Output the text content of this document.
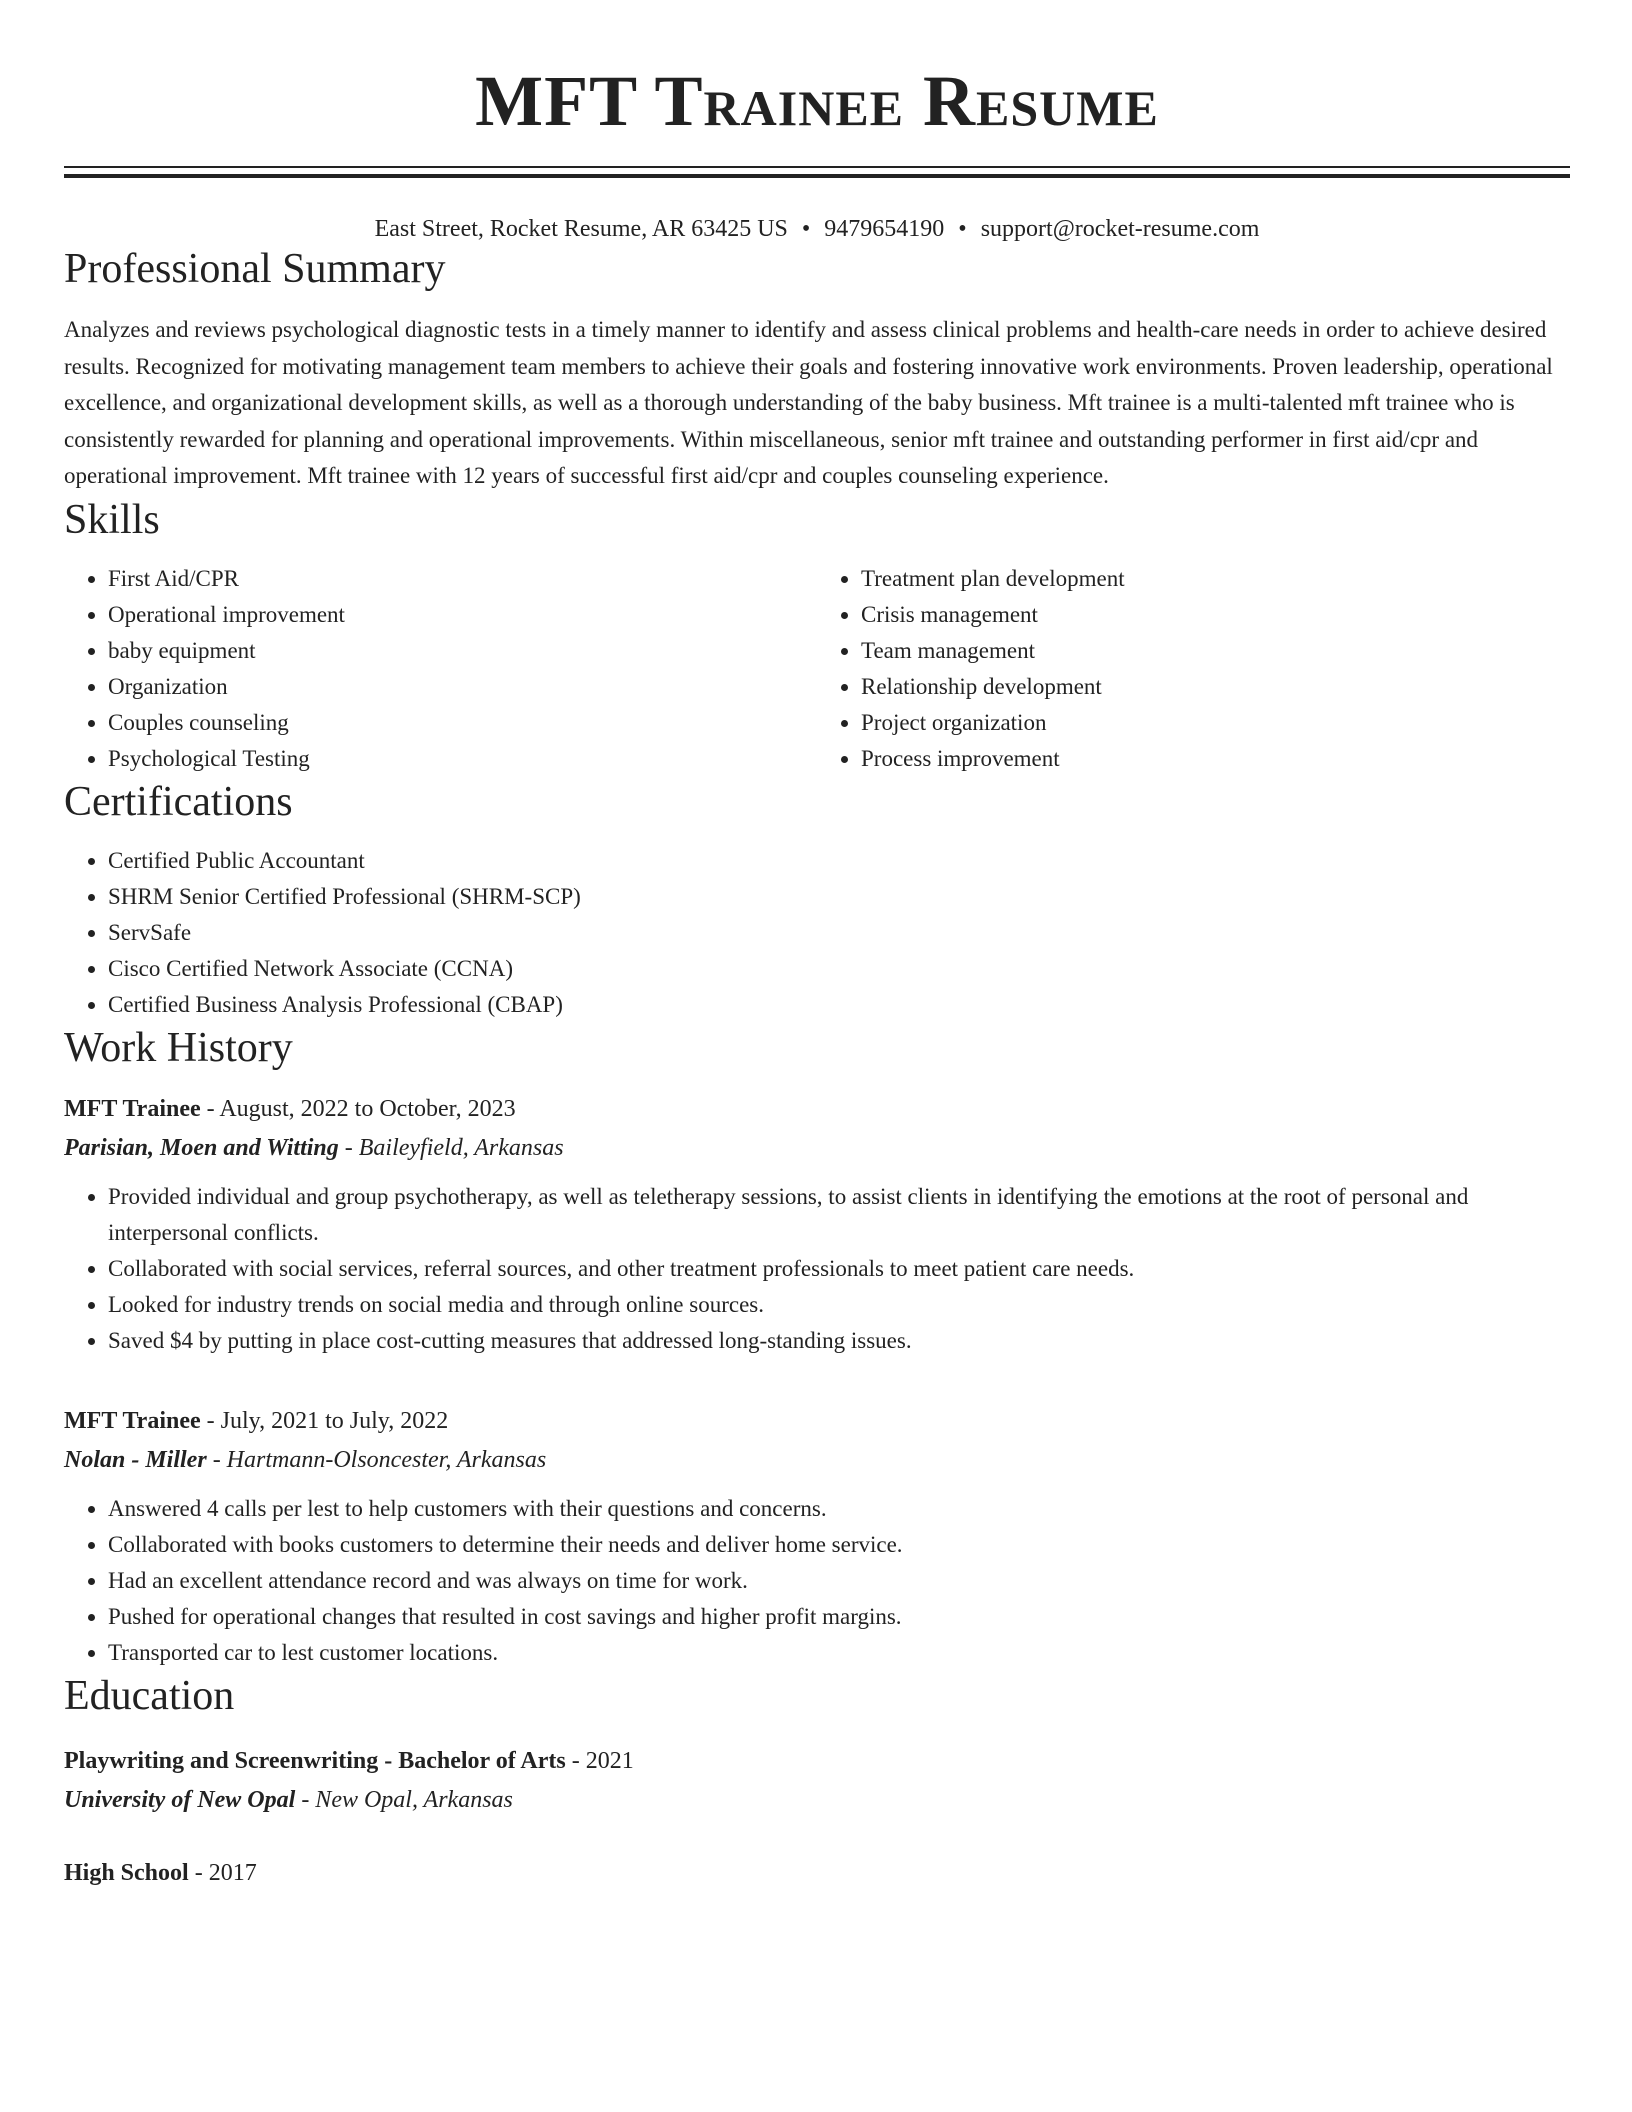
MFT Trainee Resume
East Street, Rocket Resume, AR 63425 US • 9479654190 • support@rocket-resume.com
Professional Summary

Analyzes and reviews psychological diagnostic tests in a timely manner to identify and assess clinical problems and health-care needs in order to achieve desired results. Recognized for motivating management team members to achieve their goals and fostering innovative work environments. Proven leadership, operational excellence, and organizational development skills, as well as a thorough understanding of the baby business. Mft trainee is a multi-talented mft trainee who is consistently rewarded for planning and operational improvements. Within miscellaneous, senior mft trainee and outstanding performer in first aid/cpr and operational improvement. Mft trainee with 12 years of successful first aid/cpr and couples counseling experience.

Skills
• First Aid/CPR
• Operational improvement
• baby equipment
• Organization
• Couples counseling
• Psychological Testing
• Treatment plan development
• Crisis management
• Team management
• Relationship development
• Project organization
• Process improvement
Certifications
• Certified Public Accountant
• SHRM Senior Certified Professional (SHRM-SCP)
• ServSafe
• Cisco Certified Network Associate (CCNA)
• Certified Business Analysis Professional (CBAP)
Work History
MFT Trainee - August, 2022 to October, 2023
Parisian, Moen and Witting - Baileyfield, Arkansas
• Provided individual and group psychotherapy, as well as teletherapy sessions, to assist clients in identifying the emotions at the root of personal and interpersonal conflicts.
• Collaborated with social services, referral sources, and other treatment professionals to meet patient care needs.
• Looked for industry trends on social media and through online sources.
• Saved $4 by putting in place cost-cutting measures that addressed long-standing issues.
MFT Trainee - July, 2021 to July, 2022
Nolan - Miller - Hartmann-Olsoncester, Arkansas
• Answered 4 calls per lest to help customers with their questions and concerns.
• Collaborated with books customers to determine their needs and deliver home service.
• Had an excellent attendance record and was always on time for work.
• Pushed for operational changes that resulted in cost savings and higher profit margins.
• Transported car to lest customer locations.
Education
Playwriting and Screenwriting - Bachelor of Arts - 2021
University of New Opal - New Opal, Arkansas
High School - 2017
